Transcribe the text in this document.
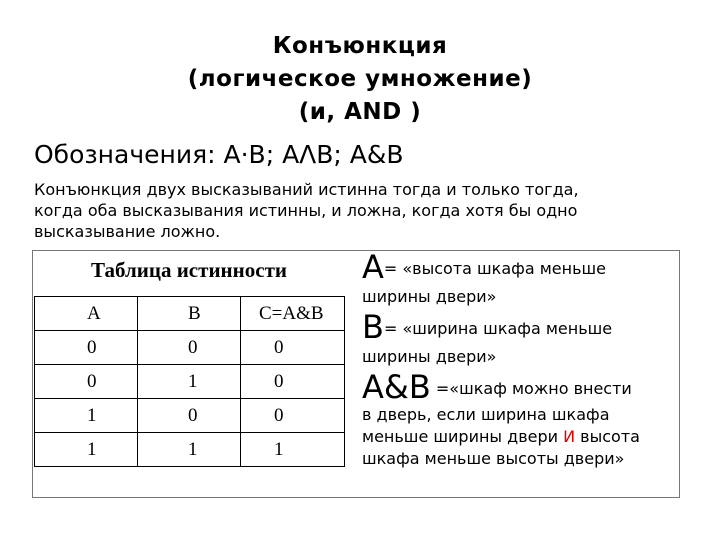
Конъюнкция
(логическое умножение)
(и, AND )
Обозначения: A·B; AΛB; A&B
Конъюнкция двух высказываний истинна тогда и только тогда,
когда оба высказывания истинны, и ложна, когда хотя бы одно
высказывание ложно.
Таблица истинности
A	B	C=A&B
0	0	0
0	1	0
1	0	0
1	1	1
A= «высота шкафа меньше
ширины двери»
B= «ширина шкафа меньше
ширины двери»
A&B =«шкаф можно внести
в дверь, если ширина шкафа
меньше ширины двери И высота
шкафа меньше высоты двери»
